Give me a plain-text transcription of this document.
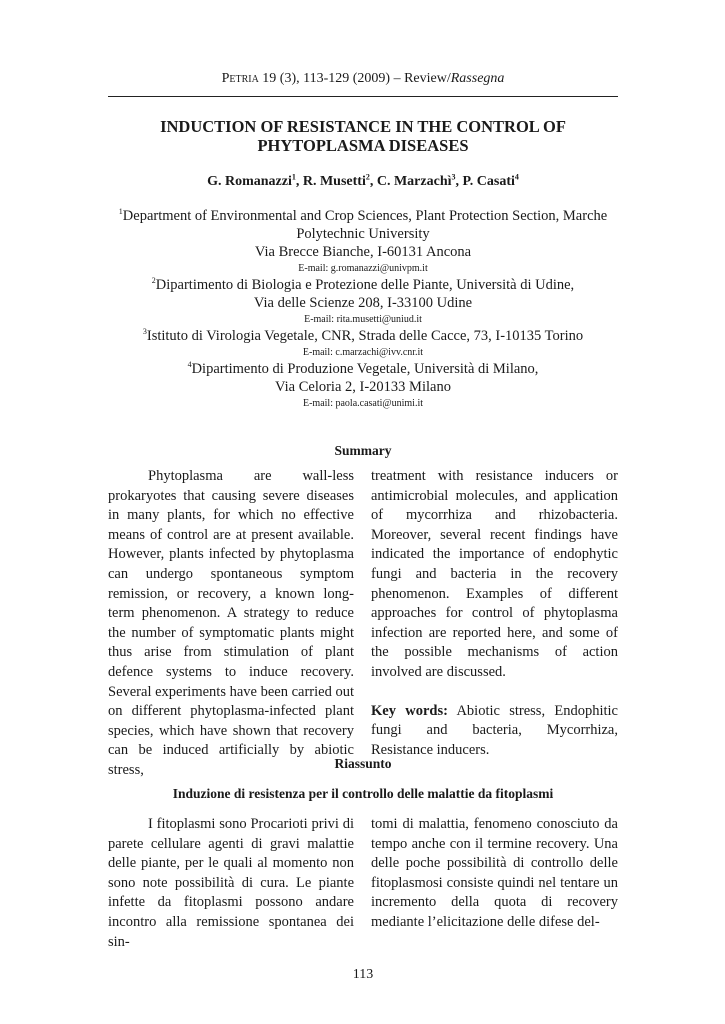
Petria 19 (3), 113-129 (2009) – Review/Rassegna
INDUCTION OF RESISTANCE IN THE CONTROL OF
PHYTOPLASMA DISEASES
G. Romanazzi$^1$, R. Musetti$^2$, C. Marzachì$^3$, P. Casati$^4$
$^1$Department of Environmental and Crop Sciences, Plant Protection Section, Marche
Polytechnic University
Via Brecce Bianche, I-60131 Ancona
E-mail: g.romanazzi@univpm.it
$^2$Dipartimento di Biologia e Protezione delle Piante, Università di Udine,
Via delle Scienze 208, I-33100 Udine
E-mail: rita.musetti@uniud.it
$^3$Istituto di Virologia Vegetale, CNR, Strada delle Cacce, 73, I-10135 Torino
E-mail: c.marzachi@ivv.cnr.it
$^4$Dipartimento di Produzione Vegetale, Università di Milano,
Via Celoria 2, I-20133 Milano
E-mail: paola.casati@unimi.it
Summary

Phytoplasma are wall-less prokaryotes that causing severe diseases in many plants, for which no effective means of control are at present available. However, plants infected by phytoplasma can undergo spontaneous symptom remission, or recovery, a known long-term phenomenon. A strategy to reduce the number of symptomatic plants might thus arise from stimulation of plant defence systems to induce recovery. Several experiments have been carried out on different phytoplasma-infected plant species, which have shown that recovery can be induced artificially by abiotic stress,

treatment with resistance inducers or antimicrobial molecules, and application of mycorrhiza and rhizobacteria. Moreover, several recent findings have indicated the importance of endophytic fungi and bacteria in the recovery phenomenon. Examples of different approaches for control of phytoplasma infection are reported here, and some of the possible mechanisms of action involved are discussed.

Key words: Abiotic stress, Endophitic fungi and bacteria, Mycorrhiza, Resistance inducers.

Riassunto
Induzione di resistenza per il controllo delle malattie da fitoplasmi

I fitoplasmi sono Procarioti privi di parete cellulare agenti di gravi malattie delle piante, per le quali al momento non sono note possibilità di cura. Le piante infette da fitoplasmi possono andare incontro alla remissione spontanea dei sin-

tomi di malattia, fenomeno conosciuto da tempo anche con il termine recovery. Una delle poche possibilità di controllo delle fitoplasmosi consiste quindi nel tentare un incremento della quota di recovery mediante l’elicitazione delle difese del-

113
